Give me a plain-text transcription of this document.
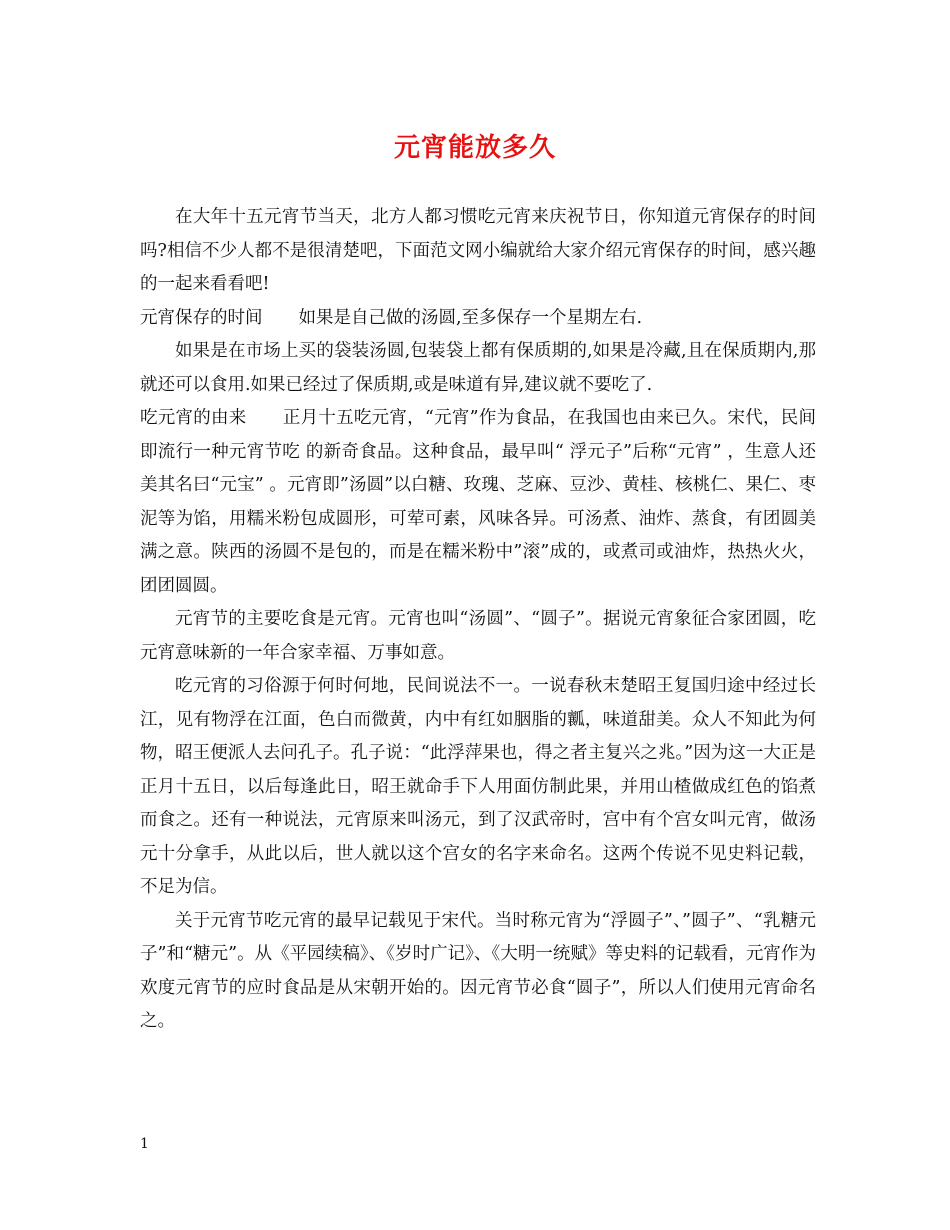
元宵能放多久

在大年十五元宵节当天，北方人都习惯吃元宵来庆祝节日，你知道元宵保存的时间吗?相信不少人都不是很清楚吧，下面范文网小编就给大家介绍元宵保存的时间，感兴趣的一起来看看吧!

元宵保存的时间 如果是自己做的汤圆,至多保存一个星期左右.

如果是在市场上买的袋装汤圆,包装袋上都有保质期的,如果是冷藏,且在保质期内,那就还可以食用.如果已经过了保质期,或是味道有异,建议就不要吃了.

吃元宵的由来 正月十五吃元宵，“元宵”作为食品，在我国也由来已久。宋代，民间即流行一种元宵节吃 的新奇食品。这种食品，最早叫“ 浮元子”后称“元宵” ，生意人还美其名曰“元宝” 。元宵即”汤圆”以白糖、玫瑰、芝麻、豆沙、黄桂、核桃仁、果仁、枣泥等为馅，用糯米粉包成圆形，可荤可素，风味各异。可汤煮、油炸、蒸食，有团圆美满之意。陕西的汤圆不是包的，而是在糯米粉中”滚”成的，或煮司或油炸，热热火火，团团圆圆。

元宵节的主要吃食是元宵。元宵也叫“汤圆”、“圆子”。据说元宵象征合家团圆，吃元宵意味新的一年合家幸福、万事如意。

吃元宵的习俗源于何时何地，民间说法不一。一说春秋末楚昭王复国归途中经过长江，见有物浮在江面，色白而微黄，内中有红如胭脂的瓤，味道甜美。众人不知此为何物，昭王便派人去问孔子。孔子说：“此浮萍果也，得之者主复兴之兆。”因为这一大正是正月十五日，以后每逢此日，昭王就命手下人用面仿制此果，并用山楂做成红色的馅煮而食之。还有一种说法，元宵原来叫汤元，到了汉武帝时，宫中有个宫女叫元宵，做汤元十分拿手，从此以后，世人就以这个宫女的名字来命名。这两个传说不见史料记载，不足为信。

关于元宵节吃元宵的最早记载见于宋代。当时称元宵为“浮圆子”、”圆子”、“乳糖元子”和“糖元”。从《平园续稿》、《岁时广记》、《大明一统赋》等史料的记载看，元宵作为欢度元宵节的应时食品是从宋朝开始的。因元宵节必食“圆子”，所以人们使用元宵命名之。

1
